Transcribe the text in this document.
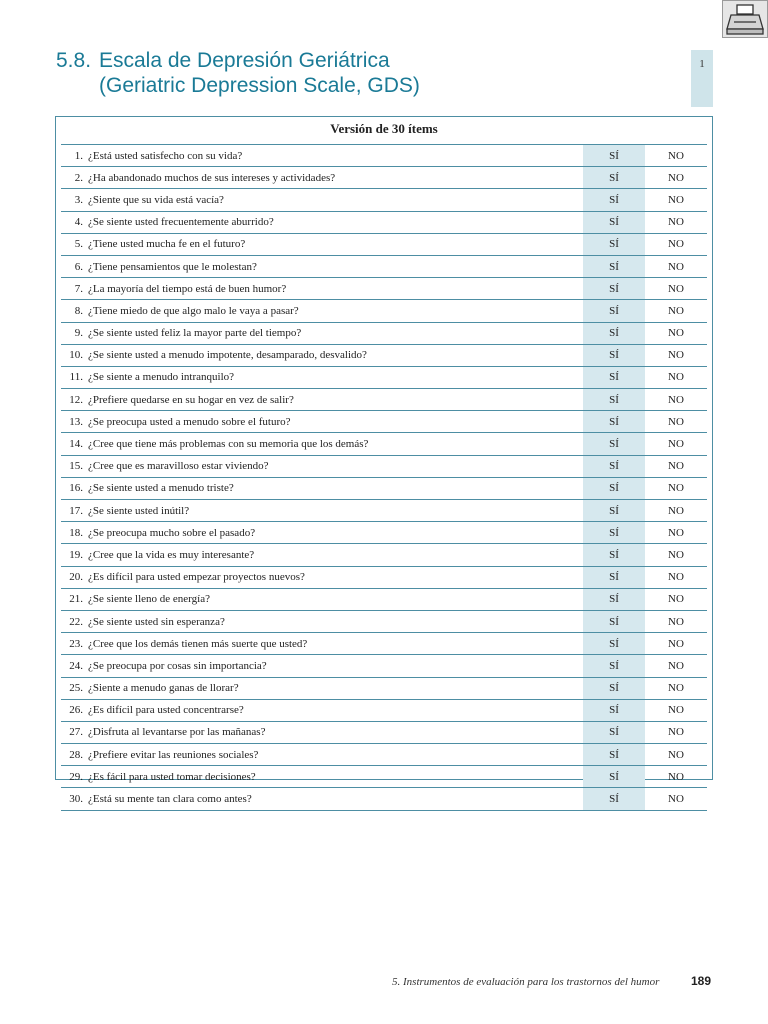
5.8. Escala de Depresión Geriátrica
(Geriatric Depression Scale, GDS)
1
Versión de 30 ítems
1.	¿Está usted satisfecho con su vida?	SÍ	NO
2.	¿Ha abandonado muchos de sus intereses y actividades?	SÍ	NO
3.	¿Siente que su vida está vacía?	SÍ	NO
4.	¿Se siente usted frecuentemente aburrido?	SÍ	NO
5.	¿Tiene usted mucha fe en el futuro?	SÍ	NO
6.	¿Tiene pensamientos que le molestan?	SÍ	NO
7.	¿La mayoría del tiempo está de buen humor?	SÍ	NO
8.	¿Tiene miedo de que algo malo le vaya a pasar?	SÍ	NO
9.	¿Se siente usted feliz la mayor parte del tiempo?	SÍ	NO
10.	¿Se siente usted a menudo impotente, desamparado, desvalido?	SÍ	NO
11.	¿Se siente a menudo intranquilo?	SÍ	NO
12.	¿Prefiere quedarse en su hogar en vez de salir?	SÍ	NO
13.	¿Se preocupa usted a menudo sobre el futuro?	SÍ	NO
14.	¿Cree que tiene más problemas con su memoria que los demás?	SÍ	NO
15.	¿Cree que es maravilloso estar viviendo?	SÍ	NO
16.	¿Se siente usted a menudo triste?	SÍ	NO
17.	¿Se siente usted inútil?	SÍ	NO
18.	¿Se preocupa mucho sobre el pasado?	SÍ	NO
19.	¿Cree que la vida es muy interesante?	SÍ	NO
20.	¿Es difícil para usted empezar proyectos nuevos?	SÍ	NO
21.	¿Se siente lleno de energía?	SÍ	NO
22.	¿Se siente usted sin esperanza?	SÍ	NO
23.	¿Cree que los demás tienen más suerte que usted?	SÍ	NO
24.	¿Se preocupa por cosas sin importancia?	SÍ	NO
25.	¿Siente a menudo ganas de llorar?	SÍ	NO
26.	¿Es difícil para usted concentrarse?	SÍ	NO
27.	¿Disfruta al levantarse por las mañanas?	SÍ	NO
28.	¿Prefiere evitar las reuniones sociales?	SÍ	NO
29.	¿Es fácil para usted tomar decisiones?	SÍ	NO
30.	¿Está su mente tan clara como antes?	SÍ	NO
5. Instrumentos de evaluación para los trastornos del humor	189
